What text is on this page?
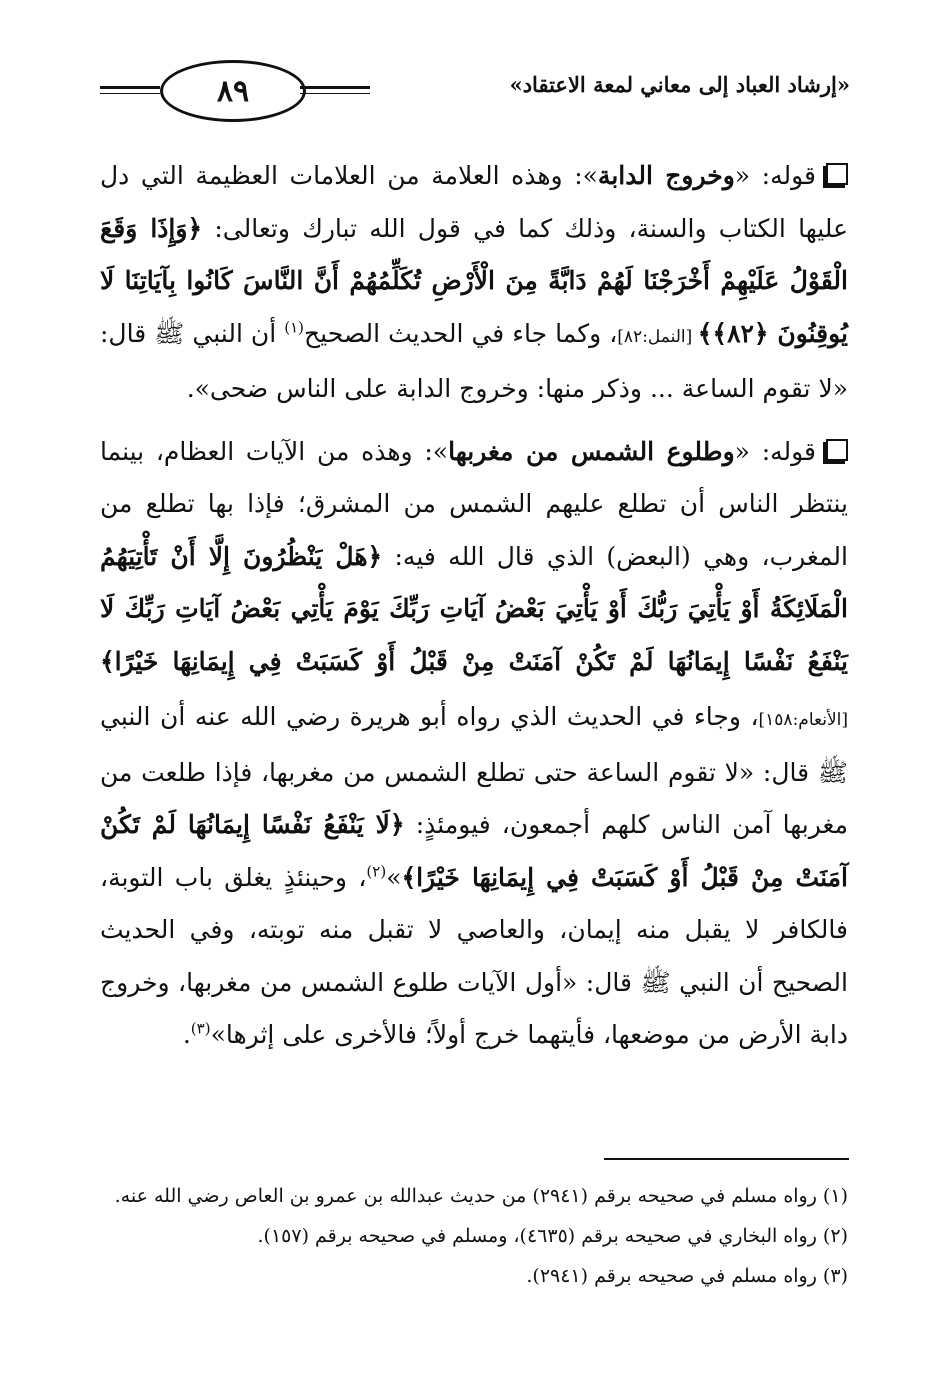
٨٩	«إرشاد العباد إلى معاني لمعة الاعتقاد»

قوله: «وخروج الدابة»: وهذه العلامة من العلامات العظيمة التي دل عليها الكتاب والسنة، وذلك كما في قول الله تبارك وتعالى: ﴿وَإِذَا وَقَعَ الْقَوْلُ عَلَيْهِمْ أَخْرَجْنَا لَهُمْ دَابَّةً مِنَ الْأَرْضِ تُكَلِّمُهُمْ أَنَّ النَّاسَ كَانُوا بِآيَاتِنَا لَا يُوقِنُونَ ﴿٨٢﴾﴾ [النمل:٨٢]، وكما جاء في الحديث الصحيح$^{(١)}$ أن النبي ﷺ قال: «لا تقوم الساعة ... وذكر منها: وخروج الدابة على الناس ضحى».

قوله: «وطلوع الشمس من مغربها»: وهذه من الآيات العظام، بينما ينتظر الناس أن تطلع عليهم الشمس من المشرق؛ فإذا بها تطلع من المغرب، وهي (البعض) الذي قال الله فيه: ﴿هَلْ يَنْظُرُونَ إِلَّا أَنْ تَأْتِيَهُمُ الْمَلَائِكَةُ أَوْ يَأْتِيَ رَبُّكَ أَوْ يَأْتِيَ بَعْضُ آيَاتِ رَبِّكَ يَوْمَ يَأْتِي بَعْضُ آيَاتِ رَبِّكَ لَا يَنْفَعُ نَفْسًا إِيمَانُهَا لَمْ تَكُنْ آمَنَتْ مِنْ قَبْلُ أَوْ كَسَبَتْ فِي إِيمَانِهَا خَيْرًا﴾ [الأنعام:١٥٨]، وجاء في الحديث الذي رواه أبو هريرة رضي الله عنه أن النبي ﷺ قال: «لا تقوم الساعة حتى تطلع الشمس من مغربها، فإذا طلعت من مغربها آمن الناس كلهم أجمعون، فيومئذٍ: ﴿لَا يَنْفَعُ نَفْسًا إِيمَانُهَا لَمْ تَكُنْ آمَنَتْ مِنْ قَبْلُ أَوْ كَسَبَتْ فِي إِيمَانِهَا خَيْرًا﴾»$^{(٢)}$، وحينئذٍ يغلق باب التوبة، فالكافر لا يقبل منه إيمان، والعاصي لا تقبل منه توبته، وفي الحديث الصحيح أن النبي ﷺ قال: «أول الآيات طلوع الشمس من مغربها، وخروج دابة الأرض من موضعها، فأيتهما خرج أولاً؛ فالأخرى على إثرها»$^{(٣)}$.

(١) رواه مسلم في صحيحه برقم (٢٩٤١) من حديث عبدالله بن عمرو بن العاص رضي الله عنه.

(٢) رواه البخاري في صحيحه برقم (٤٦٣٥)، ومسلم في صحيحه برقم (١٥٧).

(٣) رواه مسلم في صحيحه برقم (٢٩٤١).
